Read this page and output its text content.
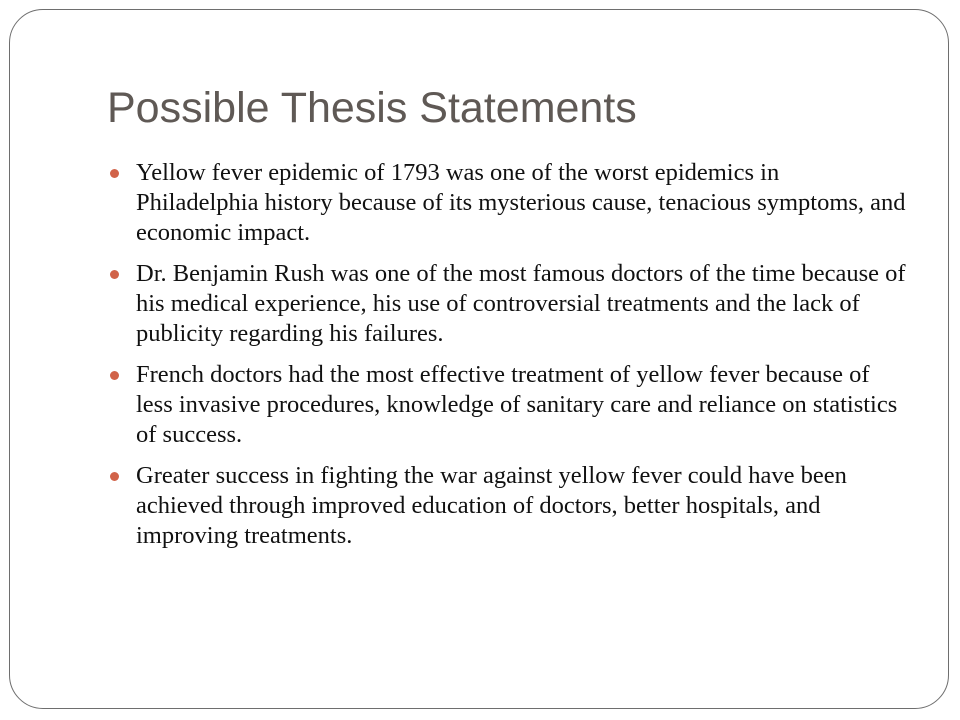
Possible Thesis Statements
Yellow fever epidemic of 1793 was one of the worst epidemics in Philadelphia history because of its mysterious cause, tenacious symptoms, and economic impact.
Dr. Benjamin Rush was one of the most famous doctors of the time because of his medical experience, his use of controversial treatments and the lack of publicity regarding his failures.
French doctors had the most effective treatment of yellow fever because of less invasive procedures, knowledge of sanitary care and reliance on statistics of success.
Greater success in fighting the war against yellow fever could have been achieved through improved education of doctors, better hospitals, and improving treatments.
